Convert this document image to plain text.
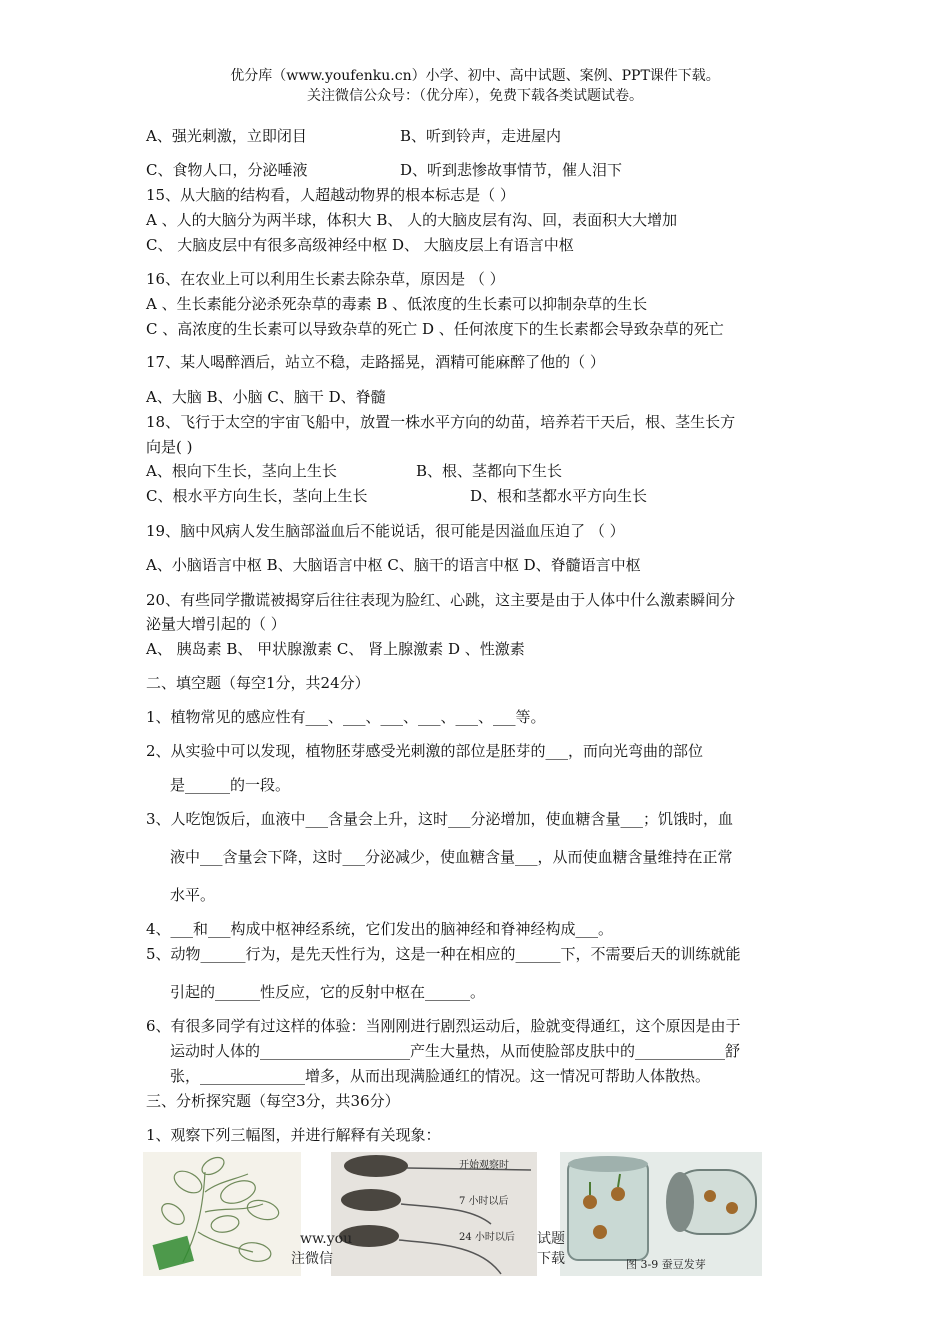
优分库（www.youfenku.cn）小学、初中、高中试题、案例、PPT课件下载。
关注微信公众号：（优分库），免费下载各类试题试卷。
A、强光刺激，立即闭目	B、听到铃声，走进屋内
C、食物人口，分泌唾液	D、听到悲惨故事情节，催人泪下
15、从大脑的结构看，人超越动物界的根本标志是（ ）
A 、人的大脑分为两半球，体积大 B、 人的大脑皮层有沟、回，表面积大大增加
C、 大脑皮层中有很多高级神经中枢 D、 大脑皮层上有语言中枢
16、在农业上可以利用生长素去除杂草，原因是 （ ）
A 、生长素能分泌杀死杂草的毒素 B 、低浓度的生长素可以抑制杂草的生长
C 、高浓度的生长素可以导致杂草的死亡 D 、任何浓度下的生长素都会导致杂草的死亡
17、某人喝醉酒后，站立不稳，走路摇晃，酒精可能麻醉了他的（ ）
A、大脑 B、小脑 C、脑干 D、脊髓
18、飞行于太空的宇宙飞船中，放置一株水平方向的幼苗，培养若干天后，根、茎生长方
向是( )
A、根向下生长，茎向上生长	B、根、茎都向下生长
C、根水平方向生长，茎向上生长	D、根和茎都水平方向生长
19、脑中风病人发生脑部溢血后不能说话，很可能是因溢血压迫了 （ ）
A、小脑语言中枢 B、大脑语言中枢 C、脑干的语言中枢 D、脊髓语言中枢
20、有些同学撒谎被揭穿后往往表现为脸红、心跳，这主要是由于人体中什么激素瞬间分
泌量大增引起的（ ）
A、 胰岛素 B、 甲状腺激素 C、 肾上腺激素 D 、性激素
二、填空题（每空1分，共24分）
1、植物常见的感应性有___、___、___、___、___、___等。
2、从实验中可以发现，植物胚芽感受光刺激的部位是胚芽的___，而向光弯曲的部位
是______的一段。
3、人吃饱饭后，血液中___含量会上升，这时___分泌增加，使血糖含量___；饥饿时，血
液中___含量会下降，这时___分泌减少，使血糖含量___，从而使血糖含量维持在正常
水平。
4、___和___构成中枢神经系统，它们发出的脑神经和脊神经构成___。
5、动物______行为，是先天性行为，这是一种在相应的______下，不需要后天的训练就能
引起的______性反应，它的反射中枢在______。
6、有很多同学有过这样的体验：当刚刚进行剧烈运动后，脸就变得通红，这个原因是由于
运动时人体的____________________产生大量热，从而使脸部皮肤中的____________舒
张，______________增多，从而出现满脸通红的情况。这一情况可帮助人体散热。
三、分析探究题（每空3分，共36分）
1、观察下列三幅图，并进行解释有关现象：
开始观察时
7 小时以后
24 小时以后
图 3-9 蚕豆发芽
ww.you
注微信
试题
下载
